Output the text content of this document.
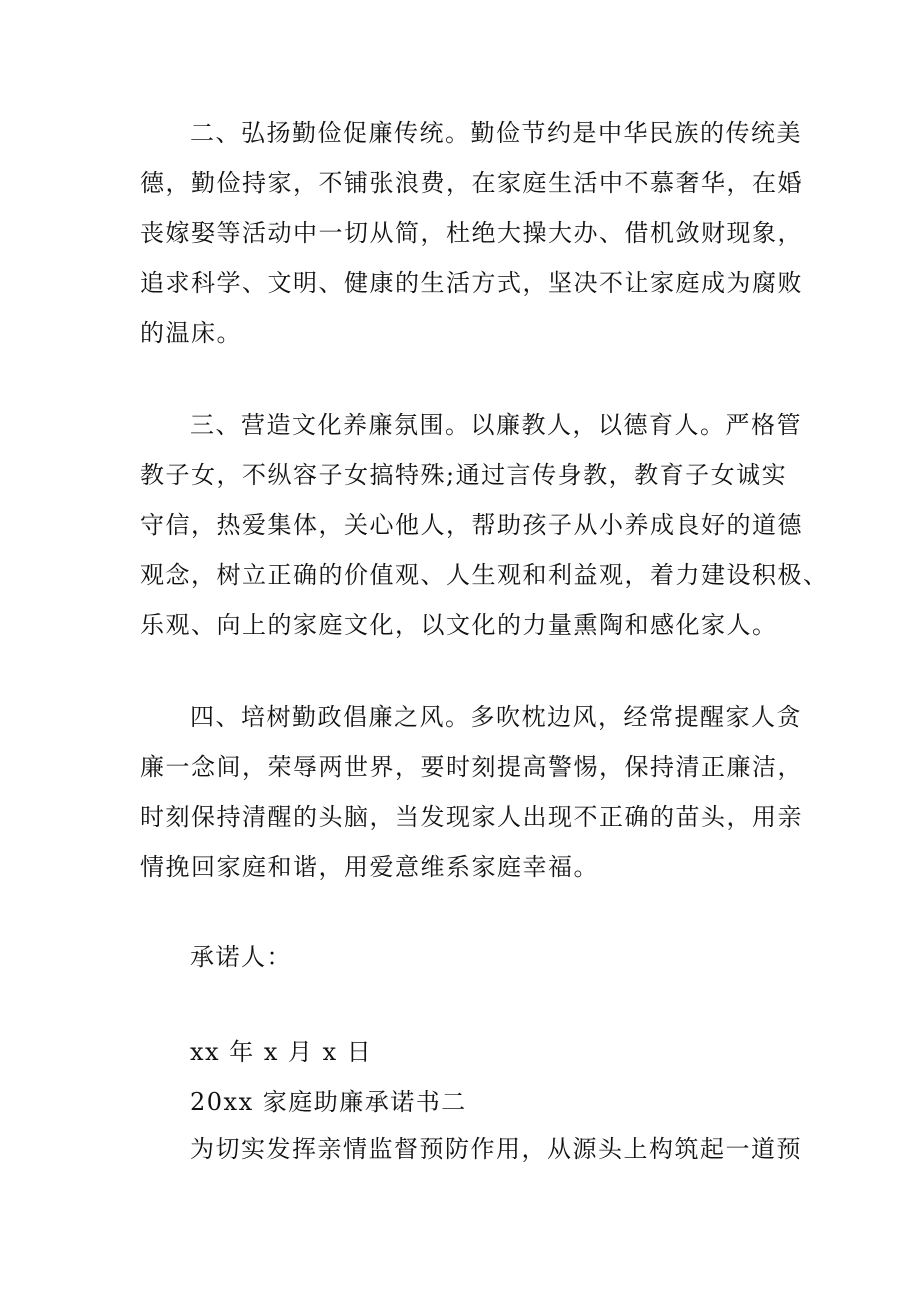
二、弘扬勤俭促廉传统。勤俭节约是中华民族的传统美
德，勤俭持家，不铺张浪费，在家庭生活中不慕奢华，在婚
丧嫁娶等活动中一切从简，杜绝大操大办、借机敛财现象，
追求科学、文明、健康的生活方式，坚决不让家庭成为腐败
的温床。
三、营造文化养廉氛围。以廉教人，以德育人。严格管
教子女，不纵容子女搞特殊;通过言传身教，教育子女诚实
守信，热爱集体，关心他人，帮助孩子从小养成良好的道德
观念，树立正确的价值观、人生观和利益观，着力建设积极、
乐观、向上的家庭文化，以文化的力量熏陶和感化家人。
四、培树勤政倡廉之风。多吹枕边风，经常提醒家人贪
廉一念间，荣辱两世界，要时刻提高警惕，保持清正廉洁，
时刻保持清醒的头脑，当发现家人出现不正确的苗头，用亲
情挽回家庭和谐，用爱意维系家庭幸福。
承诺人：
xx 年 x 月 x 日
20xx 家庭助廉承诺书二
为切实发挥亲情监督预防作用，从源头上构筑起一道预
